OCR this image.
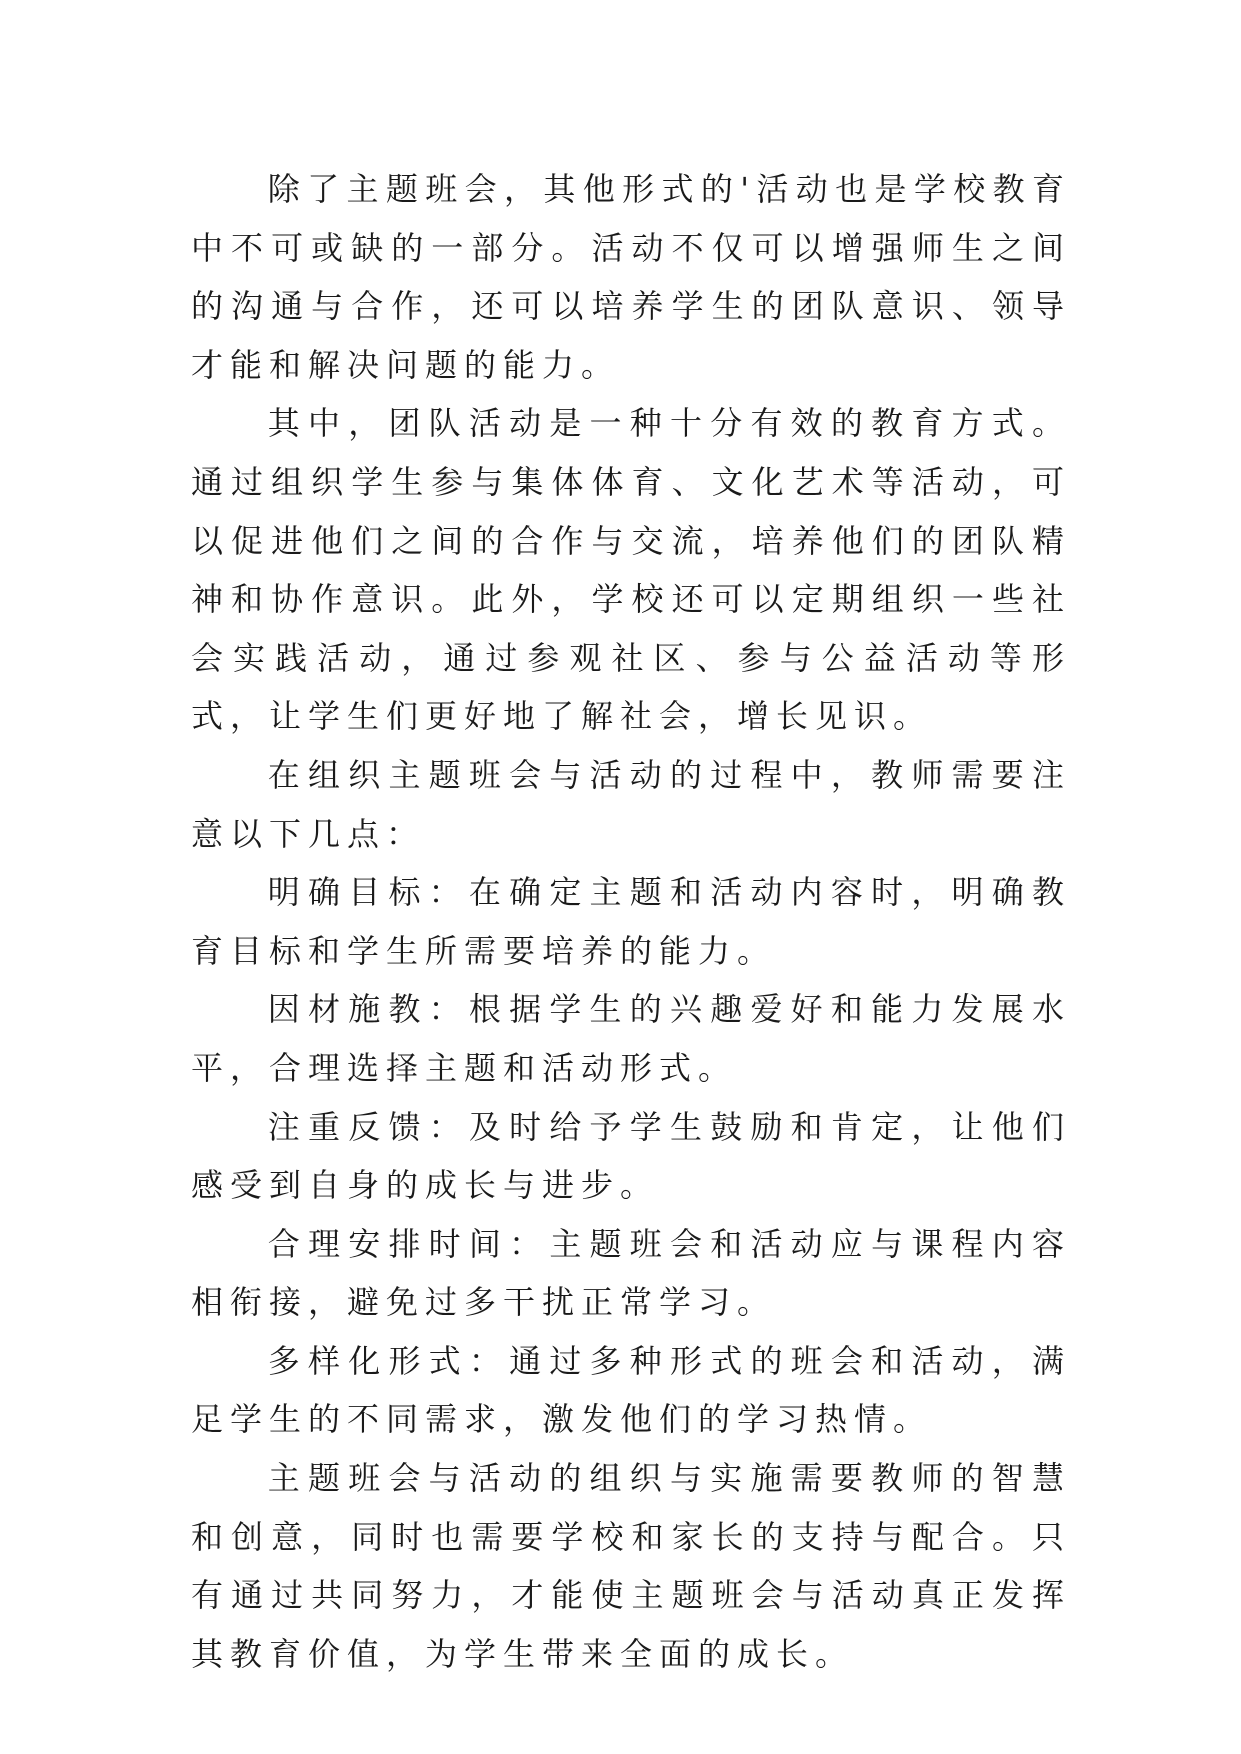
除了主题班会，其他形式的'活动也是学校教育中不可或缺的一部分。活动不仅可以增强师生之间的沟通与合作，还可以培养学生的团队意识、领导才能和解决问题的能力。

其中，团队活动是一种十分有效的教育方式。通过组织学生参与集体体育、文化艺术等活动，可以促进他们之间的合作与交流，培养他们的团队精神和协作意识。此外，学校还可以定期组织一些社会实践活动，通过参观社区、参与公益活动等形式，让学生们更好地了解社会，增长见识。

在组织主题班会与活动的过程中，教师需要注意以下几点：

明确目标：在确定主题和活动内容时，明确教育目标和学生所需要培养的能力。

因材施教：根据学生的兴趣爱好和能力发展水平，合理选择主题和活动形式。

注重反馈：及时给予学生鼓励和肯定，让他们感受到自身的成长与进步。

合理安排时间：主题班会和活动应与课程内容相衔接，避免过多干扰正常学习。

多样化形式：通过多种形式的班会和活动，满足学生的不同需求，激发他们的学习热情。

主题班会与活动的组织与实施需要教师的智慧和创意，同时也需要学校和家长的支持与配合。只有通过共同努力，才能使主题班会与活动真正发挥其教育价值，为学生带来全面的成长。
